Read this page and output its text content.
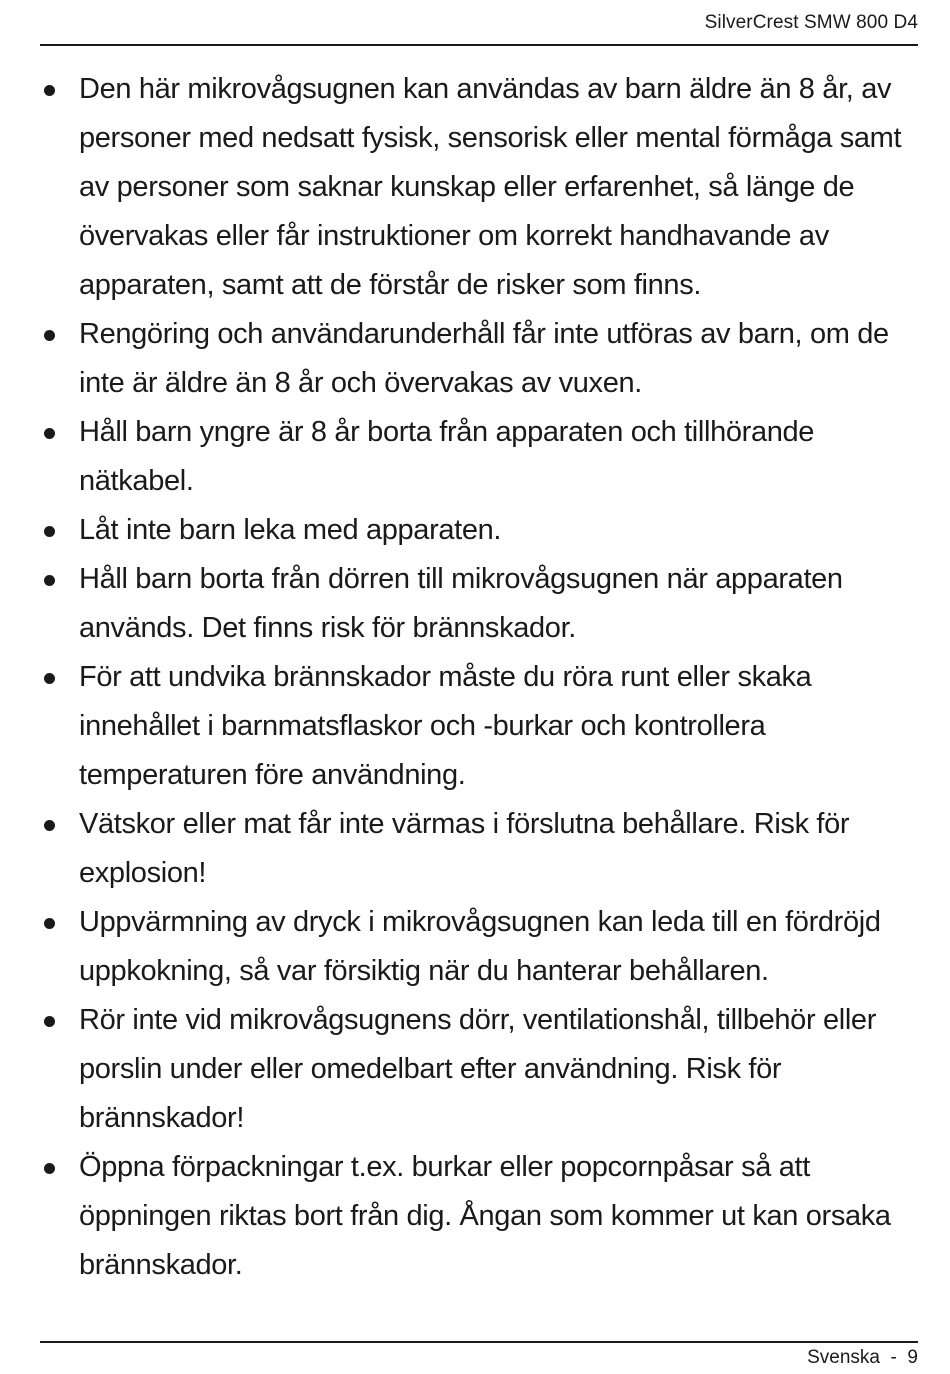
SilverCrest SMW 800 D4
Den här mikrovågsugnen kan användas av barn äldre än 8 år, av personer med nedsatt fysisk, sensorisk eller mental förmåga samt av personer som saknar kunskap eller erfarenhet, så länge de övervakas eller får instruktioner om korrekt handhavande av apparaten, samt att de förstår de risker som finns.
Rengöring och användarunderhåll får inte utföras av barn, om de inte är äldre än 8 år och övervakas av vuxen.
Håll barn yngre är 8 år borta från apparaten och tillhörande nätkabel.
Låt inte barn leka med apparaten.
Håll barn borta från dörren till mikrovågsugnen när apparaten används. Det finns risk för brännskador.
För att undvika brännskador måste du röra runt eller skaka innehållet i barnmatsflaskor och -burkar och kontrollera temperaturen före användning.
Vätskor eller mat får inte värmas i förslutna behållare. Risk för explosion!
Uppvärmning av dryck i mikrovågsugnen kan leda till en fördröjd uppkokning, så var försiktig när du hanterar behållaren.
Rör inte vid mikrovågsugnens dörr, ventilationshål, tillbehör eller porslin under eller omedelbart efter användning. Risk för brännskador!
Öppna förpackningar t.ex. burkar eller popcornpåsar så att öppningen riktas bort från dig. Ångan som kommer ut kan orsaka brännskador.
Svenska  -  9
